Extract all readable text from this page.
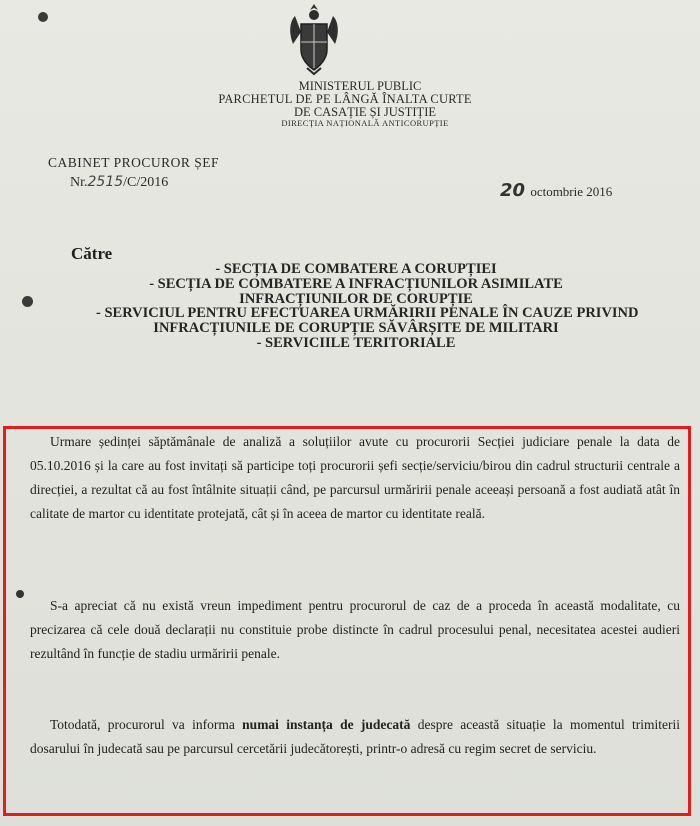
MINISTERUL PUBLIC
PARCHETUL DE PE LÂNGĂ ÎNALTA CURTE
DE CASAȚIE ȘI JUSTIȚIE
DIRECȚIA NAȚIONALĂ ANTICORUPȚIE
CABINET PROCUROR ȘEF
Nr.2515/C/2016	20 octombrie 2016
Către
- SECȚIA DE COMBATERE A CORUPȚIEI
- SECȚIA DE COMBATERE A INFRACȚIUNILOR ASIMILATE
INFRACȚIUNILOR DE CORUPȚIE
- SERVICIUL PENTRU EFECTUAREA URMĂRIRII PENALE ÎN CAUZE PRIVIND
INFRACȚIUNILE DE CORUPȚIE SĂVÂRȘITE DE MILITARI
- SERVICIILE TERITORIALE

Urmare ședinței săptămânale de analiză a soluțiilor avute cu procurorii Secției judiciare penale la data de 05.10.2016 și la care au fost invitați să participe toți procurorii șefi secție/serviciu/birou din cadrul structurii centrale a direcției, a rezultat că au fost întâlnite situații când, pe parcursul urmăririi penale aceeași persoană a fost audiată atât în calitate de martor cu identitate protejată, cât și în aceea de martor cu identitate reală.

S-a apreciat că nu există vreun impediment pentru procurorul de caz de a proceda în această modalitate, cu precizarea că cele două declarații nu constituie probe distincte în cadrul procesului penal, necesitatea acestei audieri rezultând în funcție de stadiu urmăririi penale.

Totodată, procurorul va informa numai instanța de judecată despre această situație la momentul trimiterii dosarului în judecată sau pe parcursul cercetării judecătorești, printr-o adresă cu regim secret de serviciu.
